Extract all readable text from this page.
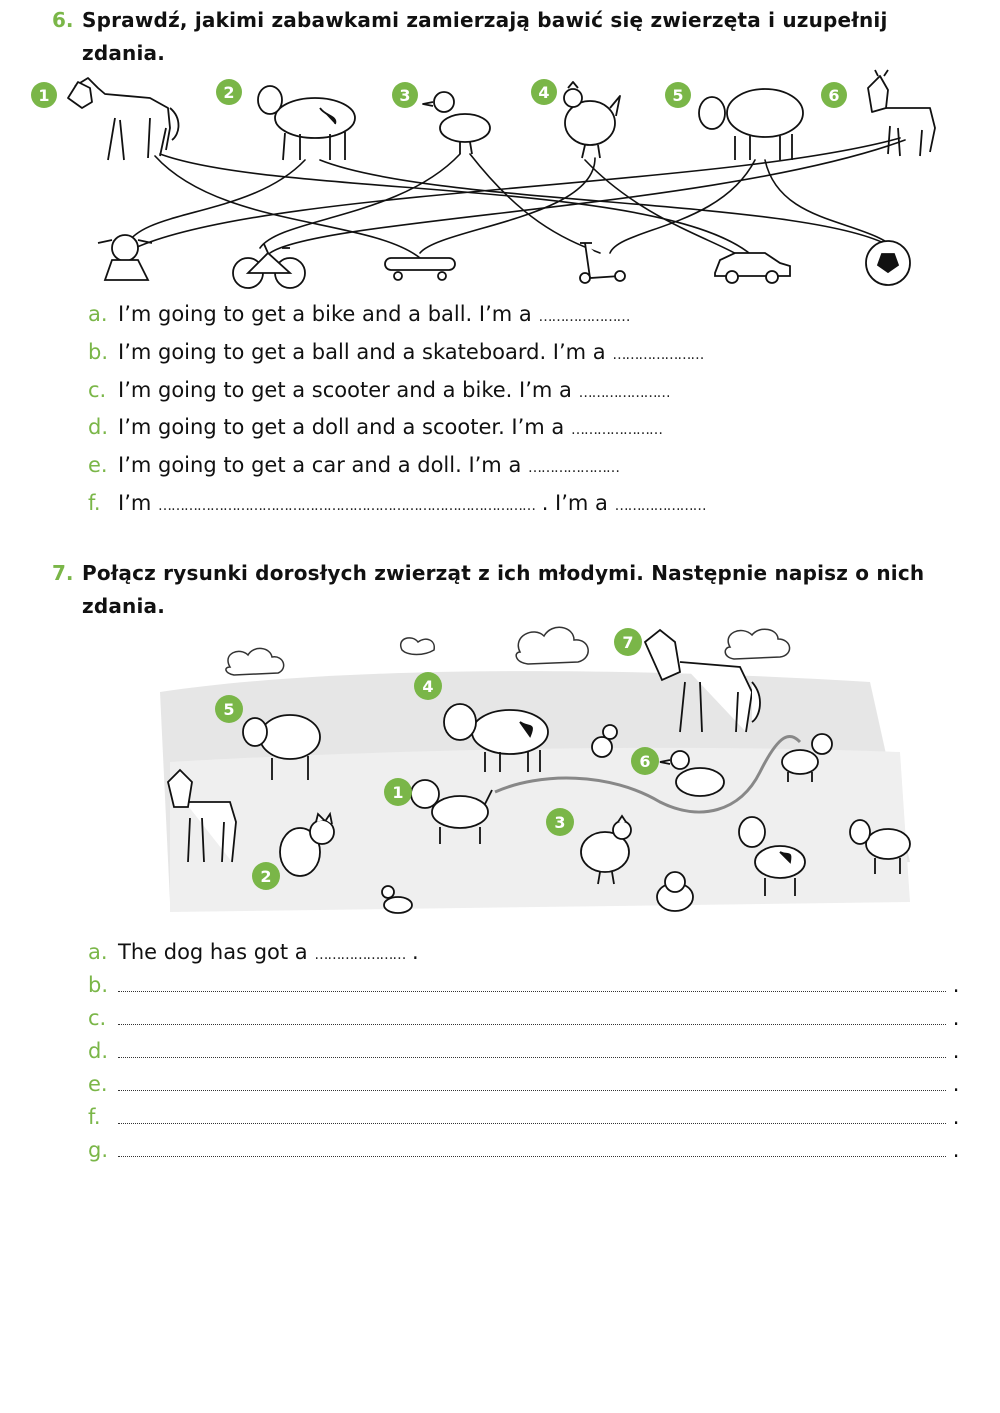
6. Sprawdź, jakimi zabawkami zamierzają bawić się zwierzęta i uzupełnij zdania.
1	2	3	4	5	6
a. I’m going to get a bike and a ball. I’m a …………………
b. I’m going to get a ball and a skateboard. I’m a …………………
c. I’m going to get a scooter and a bike. I’m a …………………
d. I’m going to get a doll and a scooter. I’m a …………………
e. I’m going to get a car and a doll. I’m a …………………
f. I’m …………………………………………………………………………… . I’m a …………………
7. Połącz rysunki dorosłych zwierząt z ich młodymi. Następnie napisz o nich zdania.
1
2
3
4
5
6
7
a. The dog has got a ………………… .
b.	.
c.	.
d.	.
e.	.
f.	.
g.	.
